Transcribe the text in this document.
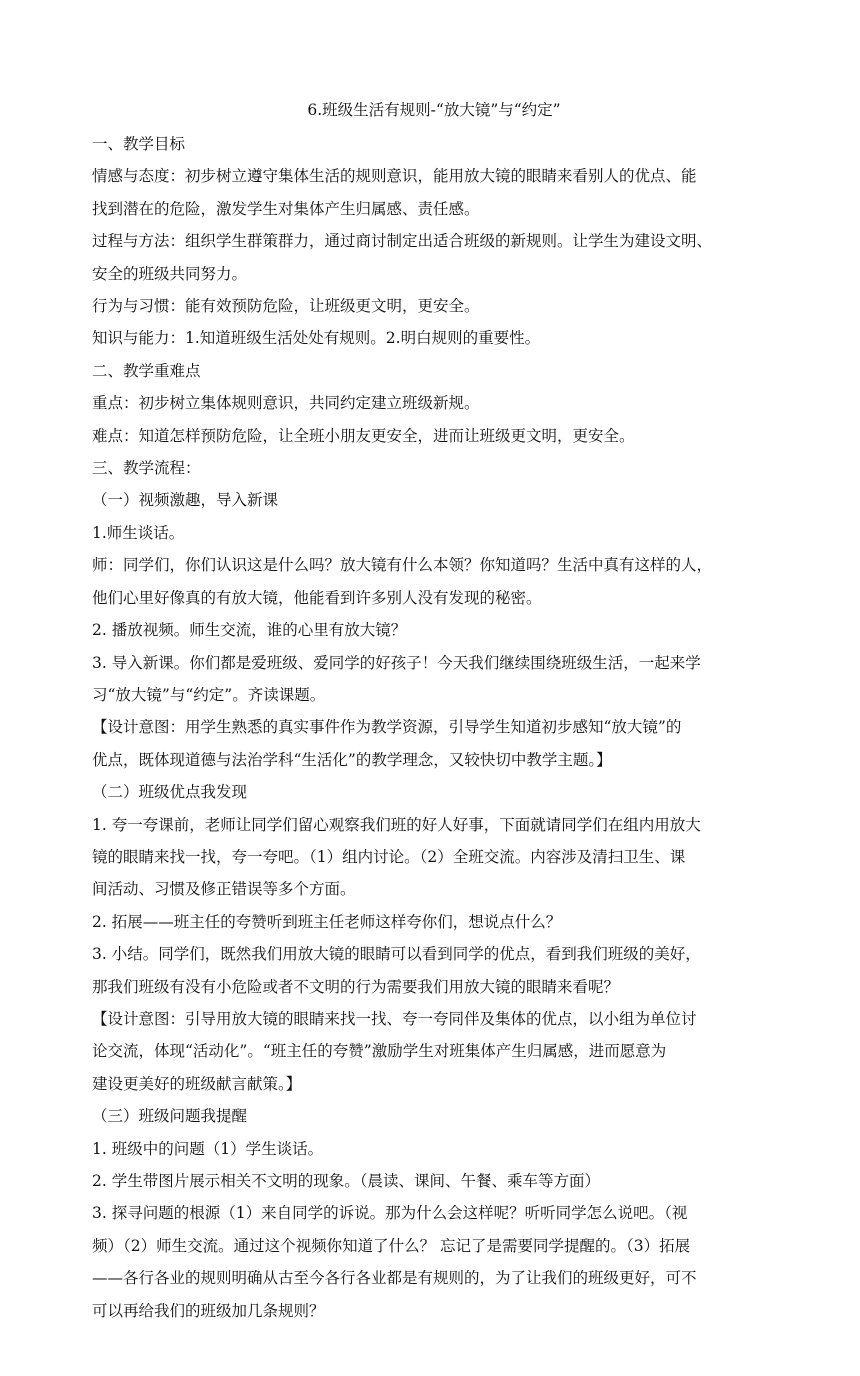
6.班级生活有规则-“放大镜”与“约定”
一、教学目标
情感与态度：初步树立遵守集体生活的规则意识，能用放大镜的眼睛来看别人的优点、能
找到潜在的危险，激发学生对集体产生归属感、责任感。
过程与方法：组织学生群策群力，通过商讨制定出适合班级的新规则。让学生为建设文明、
安全的班级共同努力。
行为与习惯：能有效预防危险，让班级更文明，更安全。
知识与能力：1.知道班级生活处处有规则。2.明白规则的重要性。
二、教学重难点
重点：初步树立集体规则意识，共同约定建立班级新规。
难点：知道怎样预防危险，让全班小朋友更安全，进而让班级更文明，更安全。
三、教学流程：
（一）视频激趣，导入新课
1.师生谈话。
师：同学们，你们认识这是什么吗？放大镜有什么本领？你知道吗？生活中真有这样的人，
他们心里好像真的有放大镜，他能看到许多别人没有发现的秘密。
2. 播放视频。师生交流，谁的心里有放大镜？
3. 导入新课。你们都是爱班级、爱同学的好孩子！今天我们继续围绕班级生活，一起来学
习“放大镜”与“约定”。齐读课题。
【设计意图：用学生熟悉的真实事件作为教学资源，引导学生知道初步感知“放大镜”的
优点，既体现道德与法治学科“生活化”的教学理念，又较快切中教学主题。】
（二）班级优点我发现
1. 夸一夸课前，老师让同学们留心观察我们班的好人好事，下面就请同学们在组内用放大
镜的眼睛来找一找，夸一夸吧。（1）组内讨论。（2）全班交流。内容涉及清扫卫生、课
间活动、习惯及修正错误等多个方面。
2. 拓展——班主任的夸赞听到班主任老师这样夸你们，想说点什么？
3. 小结。同学们，既然我们用放大镜的眼睛可以看到同学的优点，看到我们班级的美好，
那我们班级有没有小危险或者不文明的行为需要我们用放大镜的眼睛来看呢？
【设计意图：引导用放大镜的眼睛来找一找、夸一夸同伴及集体的优点，以小组为单位讨
论交流，体现“活动化”。“班主任的夸赞”激励学生对班集体产生归属感，进而愿意为
建设更美好的班级献言献策。】
（三）班级问题我提醒
1. 班级中的问题（1）学生谈话。
2. 学生带图片展示相关不文明的现象。（晨读、课间、午餐、乘车等方面）
3. 探寻问题的根源（1）来自同学的诉说。那为什么会这样呢？听听同学怎么说吧。（视
频）（2）师生交流。通过这个视频你知道了什么？ 忘记了是需要同学提醒的。（3）拓展
——各行各业的规则明确从古至今各行各业都是有规则的，为了让我们的班级更好，可不
可以再给我们的班级加几条规则？
